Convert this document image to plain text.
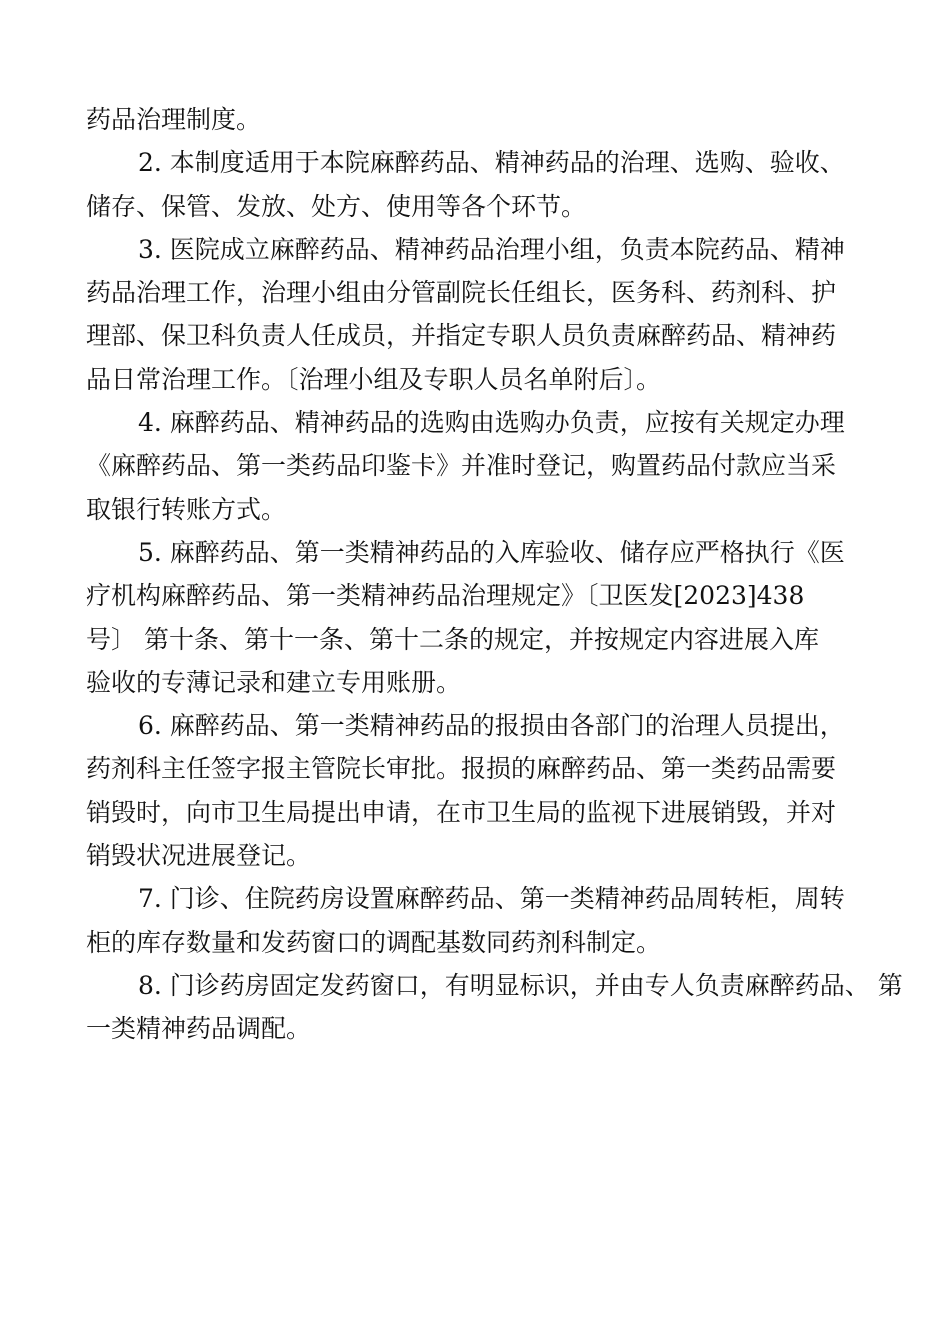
药品治理制度。
2. 本制度适用于本院麻醉药品、精神药品的治理、选购、验收、
储存、保管、发放、处方、使用等各个环节。
3. 医院成立麻醉药品、精神药品治理小组，负责本院药品、精神
药品治理工作，治理小组由分管副院长任组长，医务科、药剂科、护
理部、保卫科负责人任成员，并指定专职人员负责麻醉药品、精神药
品日常治理工作。〔治理小组及专职人员名单附后〕。
4. 麻醉药品、精神药品的选购由选购办负责，应按有关规定办理
《麻醉药品、第一类药品印鉴卡》并准时登记，购置药品付款应当采
取银行转账方式。
5. 麻醉药品、第一类精神药品的入库验收、储存应严格执行《医
疗机构麻醉药品、第一类精神药品治理规定》〔卫医发[2023]438
号〕 第十条、第十一条、第十二条的规定，并按规定内容进展入库
验收的专薄记录和建立专用账册。
6. 麻醉药品、第一类精神药品的报损由各部门的治理人员提出，
药剂科主任签字报主管院长审批。报损的麻醉药品、第一类药品需要
销毁时，向市卫生局提出申请，在市卫生局的监视下进展销毁，并对
销毁状况进展登记。
7. 门诊、住院药房设置麻醉药品、第一类精神药品周转柜，周转
柜的库存数量和发药窗口的调配基数同药剂科制定。
8. 门诊药房固定发药窗口，有明显标识，并由专人负责麻醉药品、 第
一类精神药品调配。
